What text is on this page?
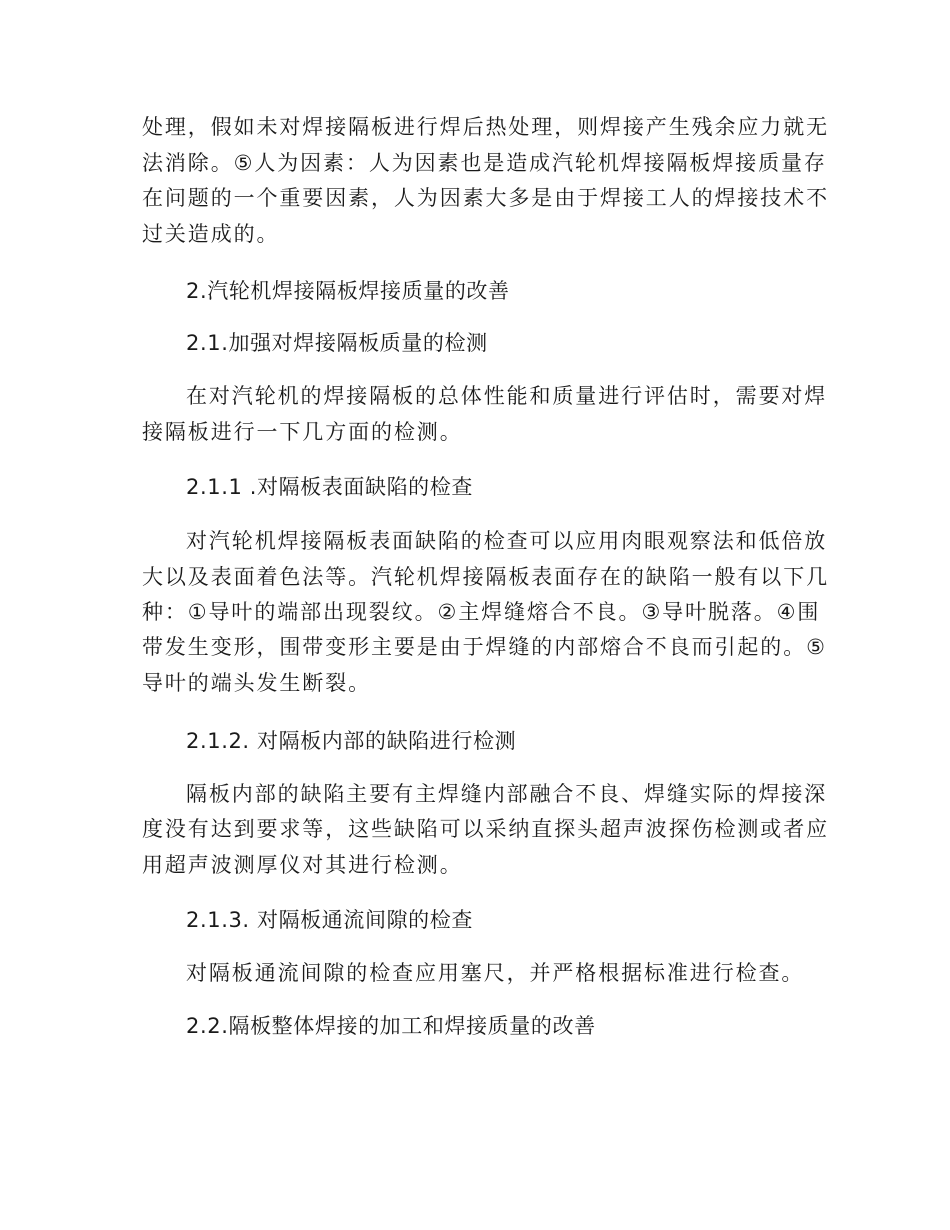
处理，假如未对焊接隔板进行焊后热处理，则焊接产生残余应力就无
法消除。⑤人为因素：人为因素也是造成汽轮机焊接隔板焊接质量存
在问题的一个重要因素，人为因素大多是由于焊接工人的焊接技术不
过关造成的。
2.汽轮机焊接隔板焊接质量的改善
2.1.加强对焊接隔板质量的检测
在对汽轮机的焊接隔板的总体性能和质量进行评估时，需要对焊
接隔板进行一下几方面的检测。
2.1.1 .对隔板表面缺陷的检查
对汽轮机焊接隔板表面缺陷的检查可以应用肉眼观察法和低倍放
大以及表面着色法等。汽轮机焊接隔板表面存在的缺陷一般有以下几
种：①导叶的端部出现裂纹。②主焊缝熔合不良。③导叶脱落。④围
带发生变形，围带变形主要是由于焊缝的内部熔合不良而引起的。⑤
导叶的端头发生断裂。
2.1.2. 对隔板内部的缺陷进行检测
隔板内部的缺陷主要有主焊缝内部融合不良、焊缝实际的焊接深
度没有达到要求等，这些缺陷可以采纳直探头超声波探伤检测或者应
用超声波测厚仪对其进行检测。
2.1.3. 对隔板通流间隙的检查
对隔板通流间隙的检查应用塞尺，并严格根据标准进行检查。
2.2.隔板整体焊接的加工和焊接质量的改善
